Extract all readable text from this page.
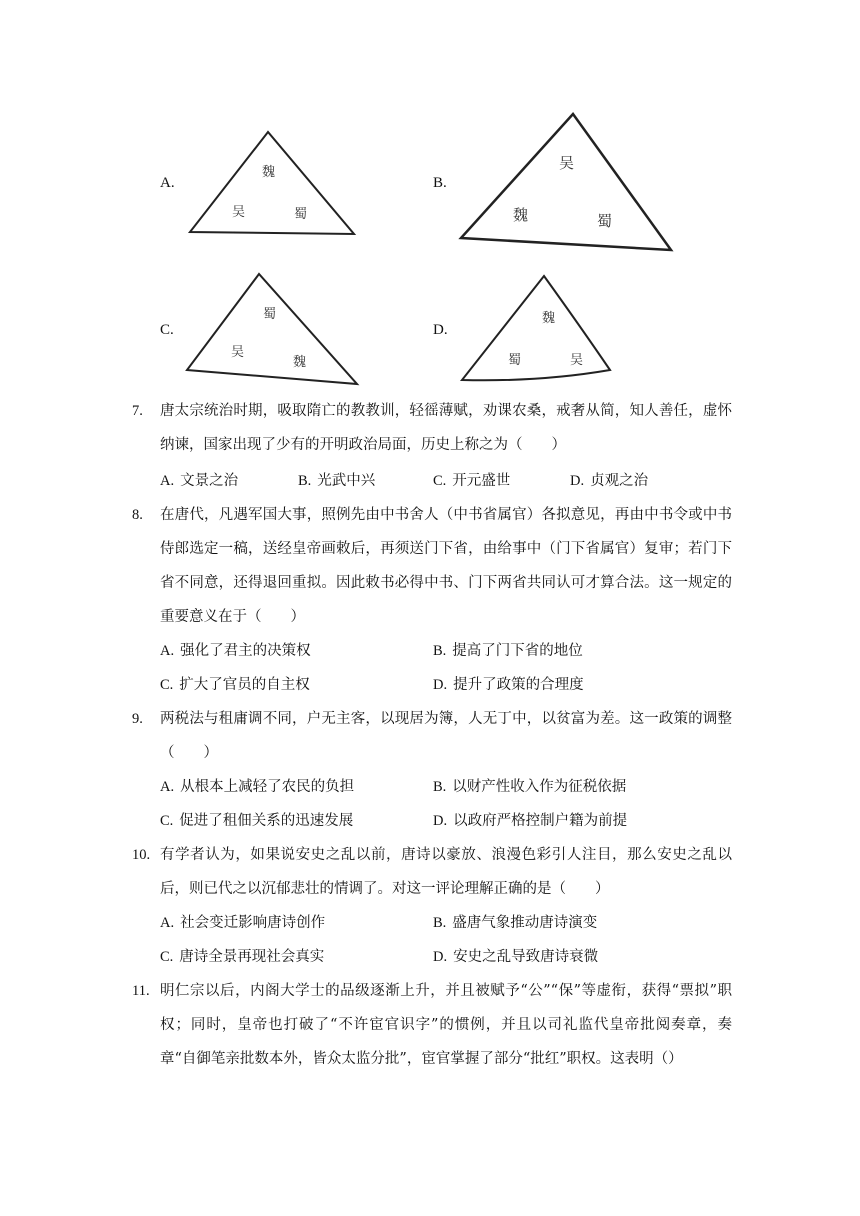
A.
魏
吴	蜀
B.
吴
魏	蜀
C.
蜀
吴
魏
D.
魏
蜀	吴
7.	唐太宗统治时期，吸取隋亡的教教训，轻徭薄赋，劝课农桑，戒奢从简，知人善任，虚怀纳谏，国家出现了少有的开明政治局面，历史上称之为（　　）
A. 文景之治	B. 光武中兴	C. 开元盛世	D. 贞观之治
8.	在唐代，凡遇军国大事，照例先由中书舍人（中书省属官）各拟意见，再由中书令或中书侍郎选定一稿，送经皇帝画敕后，再须送门下省，由给事中（门下省属官）复审；若门下省不同意，还得退回重拟。因此敕书必得中书、门下两省共同认可才算合法。这一规定的重要意义在于（　　）
A. 强化了君主的决策权	B. 提高了门下省的地位
C. 扩大了官员的自主权	D. 提升了政策的合理度
9.	两税法与租庸调不同，户无主客，以现居为簿，人无丁中，以贫富为差。这一政策的调整（　　）
A. 从根本上减轻了农民的负担	B. 以财产性收入作为征税依据
C. 促进了租佃关系的迅速发展	D. 以政府严格控制户籍为前提
10. 有学者认为，如果说安史之乱以前，唐诗以豪放、浪漫色彩引人注目，那么安史之乱以后，则已代之以沉郁悲壮的情调了。对这一评论理解正确的是（　　）
A. 社会变迁影响唐诗创作	B. 盛唐气象推动唐诗演变
C. 唐诗全景再现社会真实	D. 安史之乱导致唐诗衰微
11. 明仁宗以后，内阁大学士的品级逐渐上升，并且被赋予“公”“保”等虚衔，获得“票拟”职权；同时，皇帝也打破了“不许宦官识字”的惯例，并且以司礼监代皇帝批阅奏章，奏章“自御笔亲批数本外，皆众太监分批”，宦官掌握了部分“批红”职权。这表明（）
